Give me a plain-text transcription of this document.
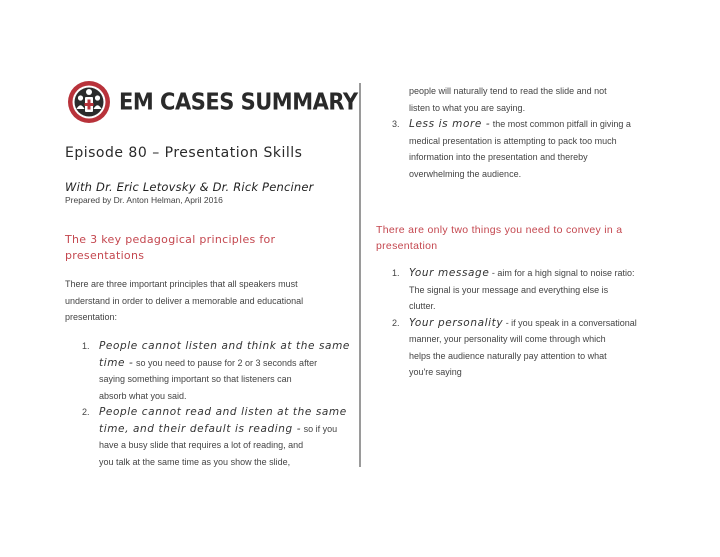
EM CASES SUMMARY
Episode 80 – Presentation Skills
With Dr. Eric Letovsky & Dr. Rick Penciner
Prepared by Dr. Anton Helman, April 2016
The 3 key pedagogical principles for
presentations
There are three important principles that all speakers must
understand in order to deliver a memorable and educational
presentation:
1. People cannot listen and think at the same
time - so you need to pause for 2 or 3 seconds after
saying something important so that listeners can
absorb what you said.
2. People cannot read and listen at the same
time, and their default is reading - so if you
have a busy slide that requires a lot of reading, and
you talk at the same time as you show the slide,
people will naturally tend to read the slide and not
listen to what you are saying.
3. Less is more - the most common pitfall in giving a
medical presentation is attempting to pack too much
information into the presentation and thereby
overwhelming the audience.
There are only two things you need to convey in a
presentation
1. Your message - aim for a high signal to noise ratio:
The signal is your message and everything else is
clutter.
2. Your personality - if you speak in a conversational
manner, your personality will come through which
helps the audience naturally pay attention to what
you're saying
